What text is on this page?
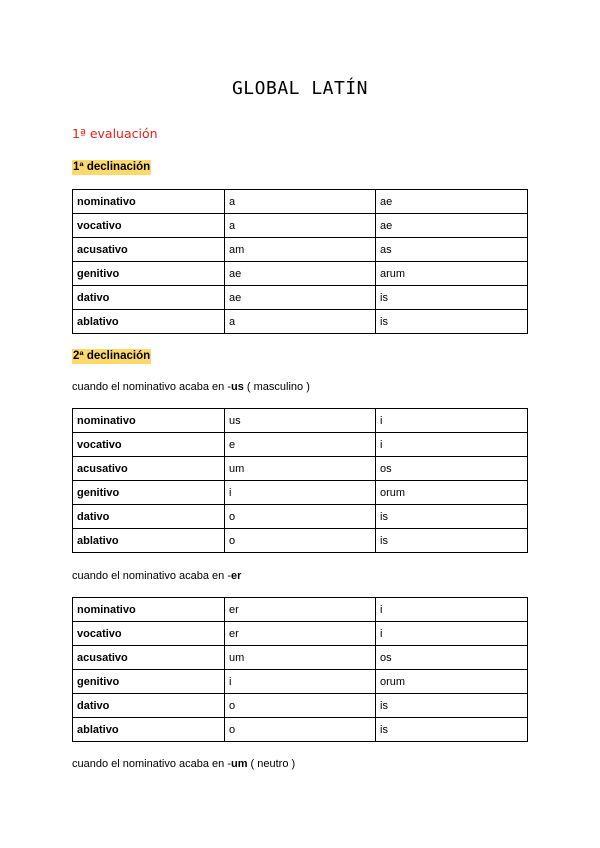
GLOBAL LATÍN
1ª evaluación
1ª declinación
nominativo	a	ae
vocativo	a	ae
acusativo	am	as
genitivo	ae	arum
dativo	ae	is
ablativo	a	is
2ª declinación
cuando el nominativo acaba en -us ( masculino )
nominativo	us	i
vocativo	e	i
acusativo	um	os
genitivo	i	orum
dativo	o	is
ablativo	o	is
cuando el nominativo acaba en -er
nominativo	er	i
vocativo	er	i
acusativo	um	os
genitivo	i	orum
dativo	o	is
ablativo	o	is
cuando el nominativo acaba en -um ( neutro )
